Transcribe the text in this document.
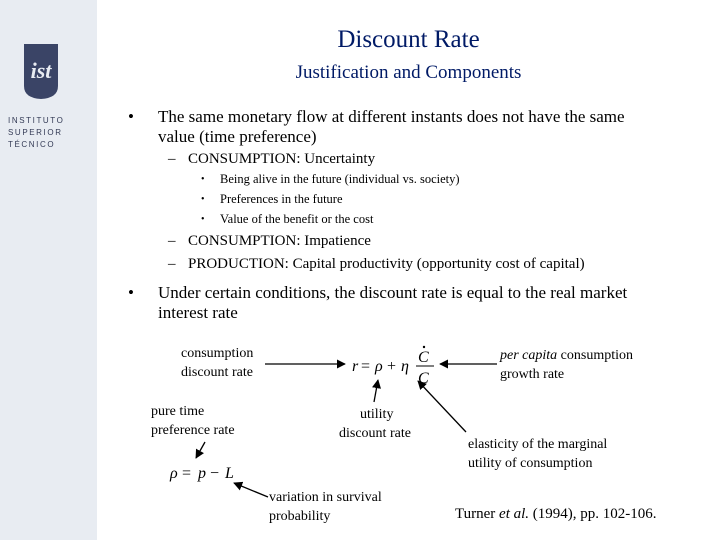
ist
INSTITUTO
SUPERIOR
TÉCNICO
Discount Rate
Justification and Components
• The same monetary flow at different instants does not have the same
value (time preference)
– CONSUMPTION: Uncertainty
• Being alive in the future (individual vs. society)
• Preferences in the future
• Value of the benefit or the cost
– CONSUMPTION: Impatience
– PRODUCTION: Capital productivity (opportunity cost of capital)
• Under certain conditions, the discount rate is equal to the real market
interest rate
consumption
discount rate
per capita consumption
growth rate
pure time
preference rate
utility
discount rate
elasticity of the marginal
utility of consumption
variation in survival
probability	Turner et al. (1994), pp. 102-106.
r = ρ + η
C
C
ρ = p − L
